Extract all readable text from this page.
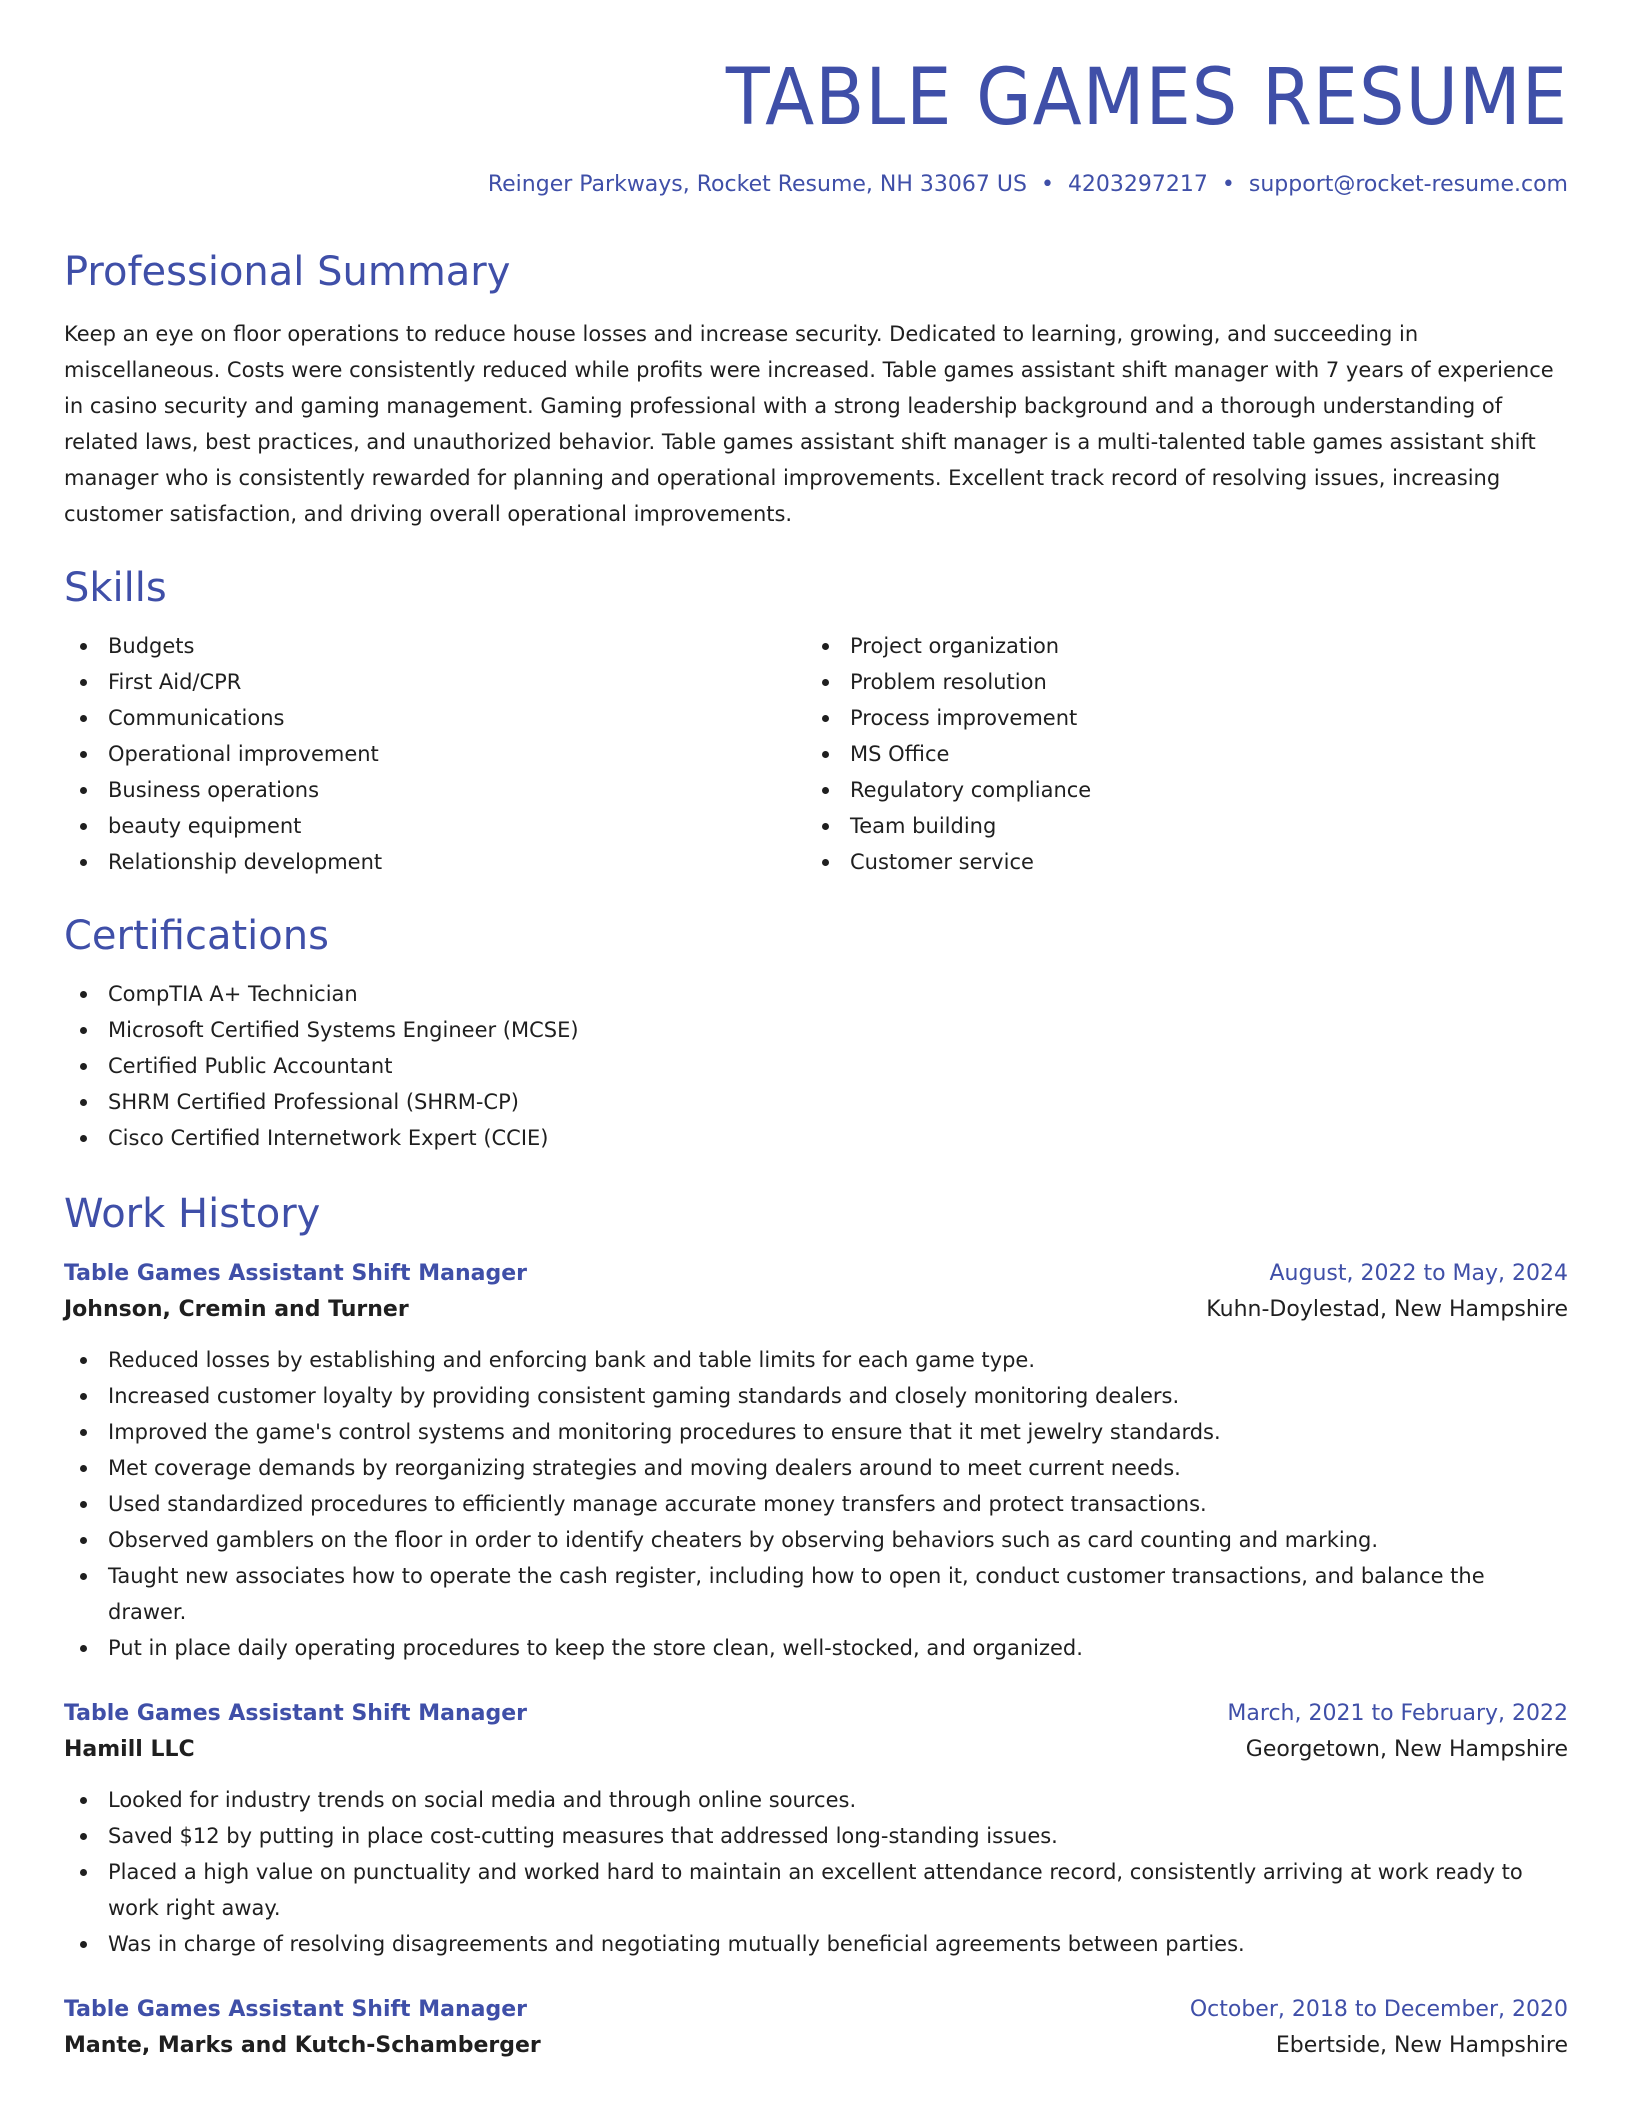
TABLE GAMES RESUME
Reinger Parkways, Rocket Resume, NH 33067 US • 4203297217 • support@rocket-resume.com
Professional Summary

Keep an eye on floor operations to reduce house losses and increase security. Dedicated to learning, growing, and succeeding in miscellaneous. Costs were consistently reduced while profits were increased. Table games assistant shift manager with 7 years of experience in casino security and gaming management. Gaming professional with a strong leadership background and a thorough understanding of related laws, best practices, and unauthorized behavior. Table games assistant shift manager is a multi-talented table games assistant shift manager who is consistently rewarded for planning and operational improvements. Excellent track record of resolving issues, increasing customer satisfaction, and driving overall operational improvements.

Skills
Budgets
First Aid/CPR
Communications
Operational improvement
Business operations
beauty equipment
Relationship development
Project organization
Problem resolution
Process improvement
MS Office
Regulatory compliance
Team building
Customer service
Certifications
CompTIA A+ Technician
Microsoft Certified Systems Engineer (MCSE)
Certified Public Accountant
SHRM Certified Professional (SHRM-CP)
Cisco Certified Internetwork Expert (CCIE)
Work History
Table Games Assistant Shift Manager	August, 2022 to May, 2024
Johnson, Cremin and Turner	Kuhn-Doylestad, New Hampshire
Reduced losses by establishing and enforcing bank and table limits for each game type.
Increased customer loyalty by providing consistent gaming standards and closely monitoring dealers.
Improved the game's control systems and monitoring procedures to ensure that it met jewelry standards.
Met coverage demands by reorganizing strategies and moving dealers around to meet current needs.
Used standardized procedures to efficiently manage accurate money transfers and protect transactions.
Observed gamblers on the floor in order to identify cheaters by observing behaviors such as card counting and marking.
Taught new associates how to operate the cash register, including how to open it, conduct customer transactions, and balance the drawer.
Put in place daily operating procedures to keep the store clean, well-stocked, and organized.
Table Games Assistant Shift Manager	March, 2021 to February, 2022
Hamill LLC	Georgetown, New Hampshire
Looked for industry trends on social media and through online sources.
Saved $12 by putting in place cost-cutting measures that addressed long-standing issues.
Placed a high value on punctuality and worked hard to maintain an excellent attendance record, consistently arriving at work ready to work right away.
Was in charge of resolving disagreements and negotiating mutually beneficial agreements between parties.
Table Games Assistant Shift Manager	October, 2018 to December, 2020
Mante, Marks and Kutch-Schamberger	Ebertside, New Hampshire
